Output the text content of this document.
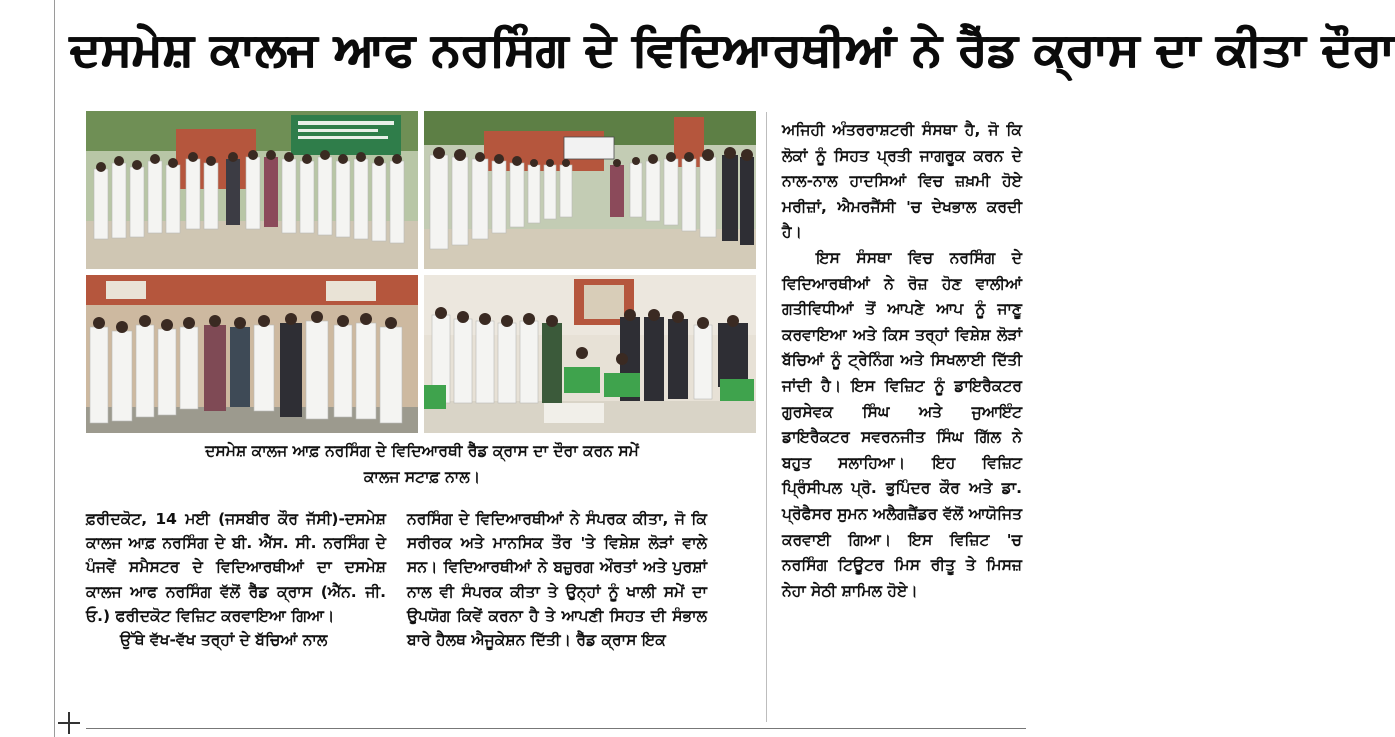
ਦਸਮੇਸ਼ ਕਾਲਜ ਆਫ ਨਰਸਿੰਗ ਦੇ ਵਿਦਿਆਰਥੀਆਂ ਨੇ ਰੈੱਡ ਕ੍ਰਾਸ ਦਾ ਕੀਤਾ ਦੌਰਾ
ਦਸਮੇਸ਼ ਕਾਲਜ ਆਫ਼ ਨਰਸਿੰਗ ਦੇ ਵਿਦਿਆਰਥੀ ਰੈੱਡ ਕ੍ਰਾਸ ਦਾ ਦੌਰਾ ਕਰਨ ਸਮੇਂ
ਕਾਲਜ ਸਟਾਫ਼ ਨਾਲ।

ਫ਼ਰੀਦਕੋਟ, 14 ਮਈ (ਜਸਬੀਰ ਕੌਰ ਜੱਸੀ)-ਦਸਮੇਸ਼ ਕਾਲਜ ਆਫ਼ ਨਰਸਿੰਗ ਦੇ ਬੀ. ਐੱਸ. ਸੀ. ਨਰਸਿੰਗ ਦੇ ਪੰਜਵੇਂ ਸਮੈਸਟਰ ਦੇ ਵਿਦਿਆਰਥੀਆਂ ਦਾ ਦਸਮੇਸ਼ ਕਾਲਜ ਆਫ ਨਰਸਿੰਗ ਵੱਲੋਂ ਰੈੱਡ ਕ੍ਰਾਸ (ਐੱਨ. ਜੀ. ਓ.) ਫਰੀਦਕੋਟ ਵਿਜ਼ਿਟ ਕਰਵਾਇਆ ਗਿਆ।

ਉੱਥੇ ਵੱਖ-ਵੱਖ ਤਰ੍ਹਾਂ ਦੇ ਬੱਚਿਆਂ ਨਾਲ

ਨਰਸਿੰਗ ਦੇ ਵਿਦਿਆਰਥੀਆਂ ਨੇ ਸੰਪਰਕ ਕੀਤਾ, ਜੋ ਕਿ ਸਰੀਰਕ ਅਤੇ ਮਾਨਸਿਕ ਤੌਰ 'ਤੇ ਵਿਸ਼ੇਸ਼ ਲੋੜਾਂ ਵਾਲੇ ਸਨ। ਵਿਦਿਆਰਥੀਆਂ ਨੇ ਬਜ਼ੁਰਗ ਔਰਤਾਂ ਅਤੇ ਪੁਰਸ਼ਾਂ ਨਾਲ ਵੀ ਸੰਪਰਕ ਕੀਤਾ ਤੇ ਉਨ੍ਹਾਂ ਨੂੰ ਖਾਲੀ ਸਮੇਂ ਦਾ ਉਪਯੋਗ ਕਿਵੇਂ ਕਰਨਾ ਹੈ ਤੇ ਆਪਣੀ ਸਿਹਤ ਦੀ ਸੰਭਾਲ ਬਾਰੇ ਹੈਲਥ ਐਜੂਕੇਸ਼ਨ ਦਿੱਤੀ। ਰੈੱਡ ਕ੍ਰਾਸ ਇਕ

ਅਜਿਹੀ ਅੰਤਰਰਾਸ਼ਟਰੀ ਸੰਸਥਾ ਹੈ, ਜੋ ਕਿ ਲੋਕਾਂ ਨੂੰ ਸਿਹਤ ਪ੍ਰਤੀ ਜਾਗਰੂਕ ਕਰਨ ਦੇ ਨਾਲ-ਨਾਲ ਹਾਦਸਿਆਂ ਵਿਚ ਜ਼ਖ਼ਮੀ ਹੋਏ ਮਰੀਜ਼ਾਂ, ਐਮਰਜੈਂਸੀ 'ਚ ਦੇਖਭਾਲ ਕਰਦੀ ਹੈ।

ਇਸ ਸੰਸਥਾ ਵਿਚ ਨਰਸਿੰਗ ਦੇ ਵਿਦਿਆਰਥੀਆਂ ਨੇ ਰੋਜ਼ ਹੋਣ ਵਾਲੀਆਂ ਗਤੀਵਿਧੀਆਂ ਤੋਂ ਆਪਣੇ ਆਪ ਨੂੰ ਜਾਣੂ ਕਰਵਾਇਆ ਅਤੇ ਕਿਸ ਤਰ੍ਹਾਂ ਵਿਸ਼ੇਸ਼ ਲੋੜਾਂ ਬੱਚਿਆਂ ਨੂੰ ਟ੍ਰੇਨਿੰਗ ਅਤੇ ਸਿਖਲਾਈ ਦਿੱਤੀ ਜਾਂਦੀ ਹੈ। ਇਸ ਵਿਜ਼ਿਟ ਨੂੰ ਡਾਇਰੈਕਟਰ ਗੁਰਸੇਵਕ ਸਿੰਘ ਅਤੇ ਜੁਆਇੰਟ ਡਾਇਰੈਕਟਰ ਸਵਰਨਜੀਤ ਸਿੰਘ ਗਿੱਲ ਨੇ ਬਹੁਤ ਸਲਾਹਿਆ। ਇਹ ਵਿਜ਼ਿਟ ਪ੍ਰਿੰਸੀਪਲ ਪ੍ਰੋ. ਭੁਪਿੰਦਰ ਕੌਰ ਅਤੇ ਡਾ. ਪ੍ਰੋਫੈਸਰ ਸੁਮਨ ਅਲੈਗਜ਼ੈਂਡਰ ਵੱਲੋਂ ਆਯੋਜਿਤ ਕਰਵਾਈ ਗਿਆ। ਇਸ ਵਿਜ਼ਿਟ 'ਚ ਨਰਸਿੰਗ ਟਿਊਟਰ ਮਿਸ ਰੀਤੂ ਤੇ ਮਿਸਜ਼ ਨੇਹਾ ਸੇਠੀ ਸ਼ਾਮਿਲ ਹੋਏ।
